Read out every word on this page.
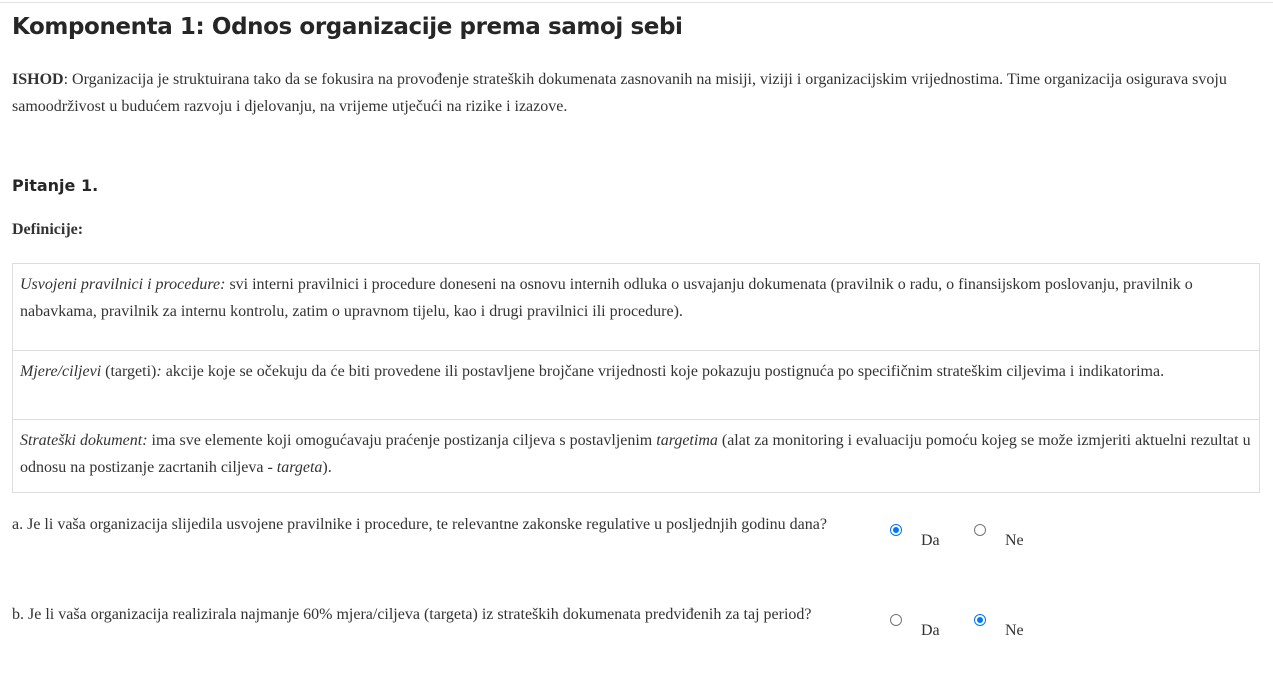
Komponenta 1: Odnos organizacije prema samoj sebi

ISHOD: Organizacija je struktuirana tako da se fokusira na provođenje strateških dokumenata zasnovanih na misiji, viziji i organizacijskim vrijednostima. Time organizacija osigurava svoju samoodrživost u budućem razvoju i djelovanju, na vrijeme utječući na rizike i izazove.

Pitanje 1.

Definicije:

Usvojeni pravilnici i procedure: svi interni pravilnici i procedure doneseni na osnovu internih odluka o usvajanju dokumenata (pravilnik o radu, o finansijskom poslovanju, pravilnik o nabavkama, pravilnik za internu kontrolu, zatim o upravnom tijelu, kao i drugi pravilnici ili procedure).
Mjere/ciljevi (targeti): akcije koje se očekuju da će biti provedene ili postavljene brojčane vrijednosti koje pokazuju postignuća po specifičnim strateškim ciljevima i indikatorima.
Strateški dokument: ima sve elemente koji omogućavaju praćenje postizanja ciljeva s postavljenim targetima (alat za monitoring i evaluaciju pomoću kojeg se može izmjeriti aktuelni rezultat u odnosu na postizanje zacrtanih ciljeva - targeta).

a. Je li vaša organizacija slijedila usvojene pravilnike i procedure, te relevantne zakonske regulative u posljednjih godinu dana?

Da	Ne

b. Je li vaša organizacija realizirala najmanje 60% mjera/ciljeva (targeta) iz strateških dokumenata predviđenih za taj period?

Da	Ne
